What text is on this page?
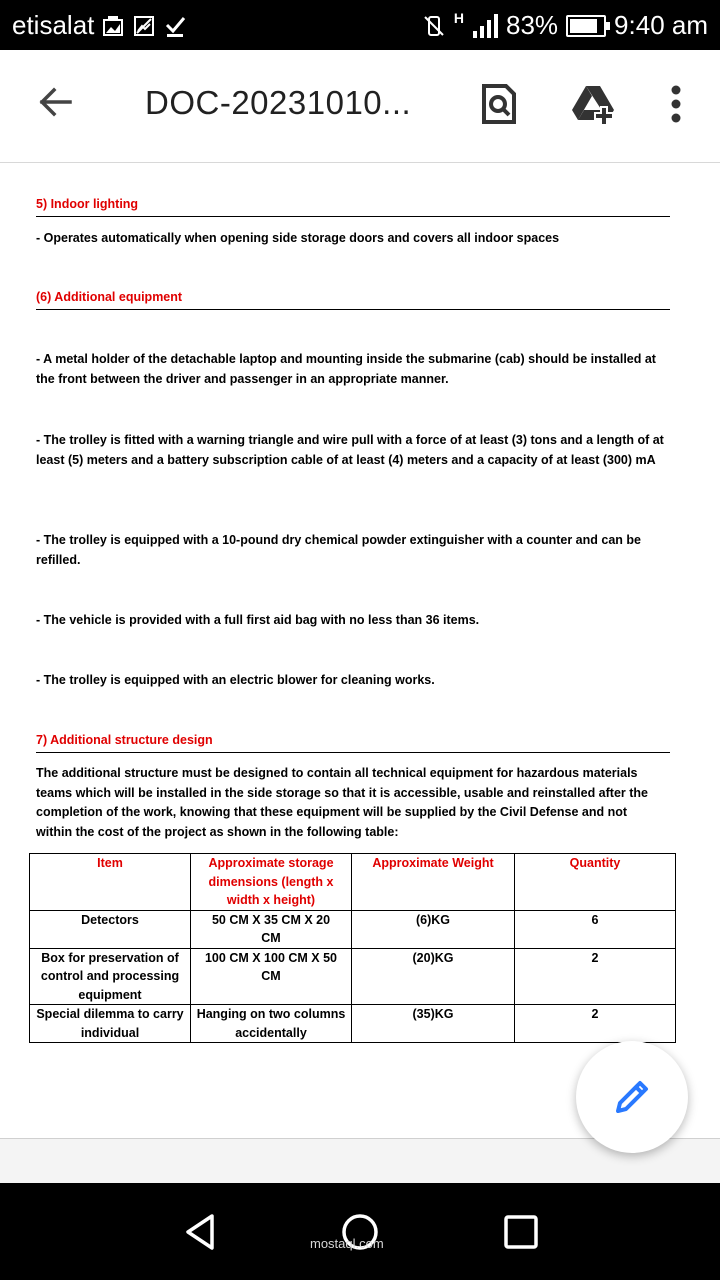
etisalat	H 83% 9:40 am
DOC-20231010...
5) Indoor lighting
- Operates automatically when opening side storage doors and covers all indoor spaces
(6) Additional equipment
- A metal holder of the detachable laptop and mounting inside the submarine (cab) should be installed at the front between the driver and passenger in an appropriate manner.
- The trolley is fitted with a warning triangle and wire pull with a force of at least (3) tons and a length of at least (5) meters and a battery subscription cable of at least (4) meters and a capacity of at least (300) mA
- The trolley is equipped with a 10-pound dry chemical powder extinguisher with a counter and can be refilled.
- The vehicle is provided with a full first aid bag with no less than 36 items.
- The trolley is equipped with an electric blower for cleaning works.
7) Additional structure design
The additional structure must be designed to contain all technical equipment for hazardous materials teams which will be installed in the side storage so that it is accessible, usable and reinstalled after the completion of the work, knowing that these equipment will be supplied by the Civil Defense and not within the cost of the project as shown in the following table:
Item	Approximate storage dimensions (length x width x height)	Approximate Weight	Quantity
Detectors	50 CM X 35 CM X 20 CM	(6)KG	6
Box for preservation of control and processing equipment	100 CM X 100 CM X 50 CM	(20)KG	2
Special dilemma to carry individual	Hanging on two columns accidentally	(35)KG	2
mostaql.com
